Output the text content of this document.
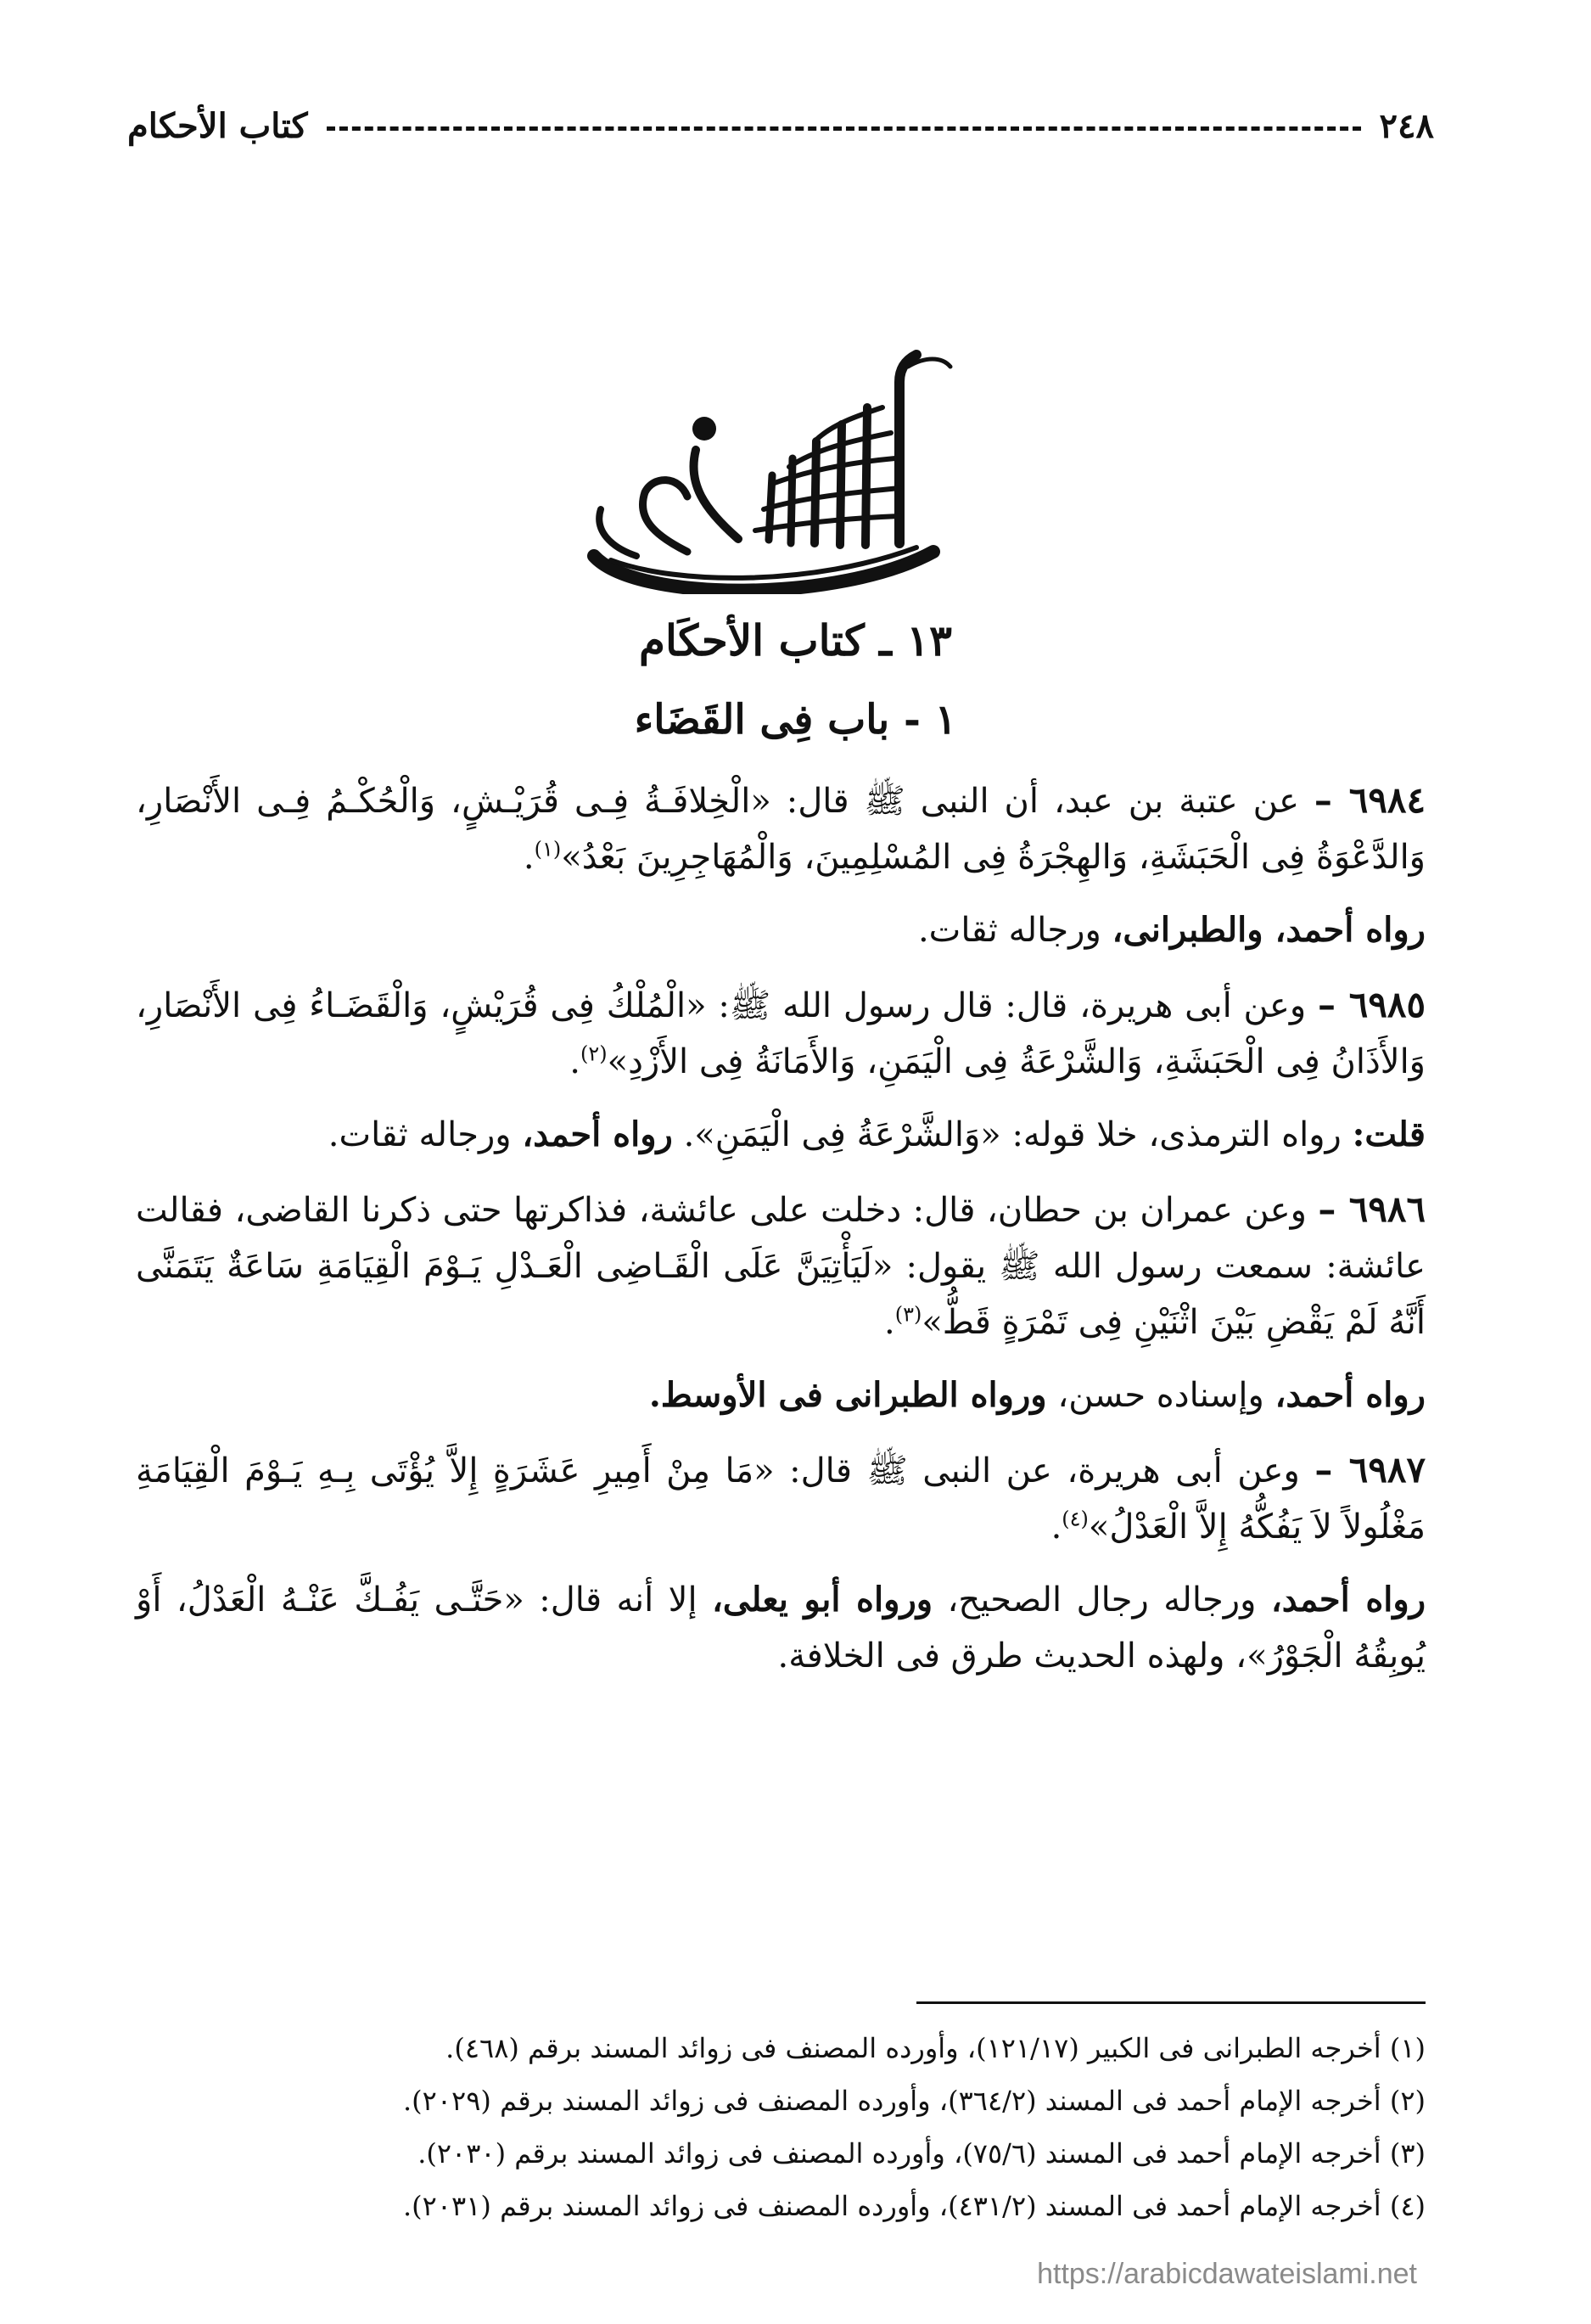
٢٤٨
كتاب الأحكام
١٣ ـ كتاب الأحكَام
١ - باب فِى القَضَاء

٦٩٨٤ – عن عتبة بن عبد، أن النبى ﷺ قال: «الْخِلافَـةُ فِـى قُرَيْـشٍ، وَالْحُكْـمُ فِـى الأَنْصَارِ، وَالدَّعْوَةُ فِى الْحَبَشَةِ، وَالهِجْرَةُ فِى المُسْلِمِينَ، وَالْمُهَاجِرِينَ بَعْدُ»$^{(١)}$.

رواه أحمد، والطبرانى، ورجاله ثقات.

٦٩٨٥ – وعن أبى هريرة، قال: قال رسول الله ﷺ: «الْمُلْكُ فِى قُرَيْشٍ، وَالْقَضَـاءُ فِى الأَنْصَارِ، وَالأَذَانُ فِى الْحَبَشَةِ، وَالشَّرْعَةُ فِى الْيَمَنِ، وَالأَمَانَةُ فِى الأَزْدِ»$^{(٢)}$.

قلت: رواه الترمذى، خلا قوله: «وَالشَّرْعَةُ فِى الْيَمَنِ». رواه أحمد، ورجاله ثقات.

٦٩٨٦ – وعن عمران بن حطان، قال: دخلت على عائشة، فذاكرتها حتى ذكرنا القاضى، فقالت عائشة: سمعت رسول الله ﷺ يقول: «لَيَأْتِيَنَّ عَلَى الْقَـاضِى الْعَـدْلِ يَـوْمَ الْقِيَامَةِ سَاعَةٌ يَتَمَنَّى أَنَّهُ لَمْ يَقْضِ بَيْنَ اثْنَيْنِ فِى تَمْرَةٍ قَطُّ»$^{(٣)}$.

رواه أحمد، وإسناده حسن، ورواه الطبرانى فى الأوسط.

٦٩٨٧ – وعن أبى هريرة، عن النبى ﷺ قال: «مَا مِنْ أَمِيرِ عَشَرَةٍ إِلاَّ يُؤْتَى بِـهِ يَـوْمَ الْقِيَامَةِ مَغْلُولاً لاَ يَفُكُّهُ إِلاَّ الْعَدْلُ»$^{(٤)}$.

رواه أحمد، ورجاله رجال الصحيح، ورواه أبو يعلى، إلا أنه قال: «حَتَّـى يَفُـكَّ عَنْـهُ الْعَدْلُ، أَوْ يُوبِقُهُ الْجَوْرُ»، ولهذه الحديث طرق فى الخلافة.

(١) أخرجه الطبرانى فى الكبير (١٢١/١٧)، وأورده المصنف فى زوائد المسند برقم (٤٦٨).

(٢) أخرجه الإمام أحمد فى المسند (٣٦٤/٢)، وأورده المصنف فى زوائد المسند برقم (٢٠٢٩).

(٣) أخرجه الإمام أحمد فى المسند (٧٥/٦)، وأورده المصنف فى زوائد المسند برقم (٢٠٣٠).

(٤) أخرجه الإمام أحمد فى المسند (٤٣١/٢)، وأورده المصنف فى زوائد المسند برقم (٢٠٣١).

https://arabicdawateislami.net
